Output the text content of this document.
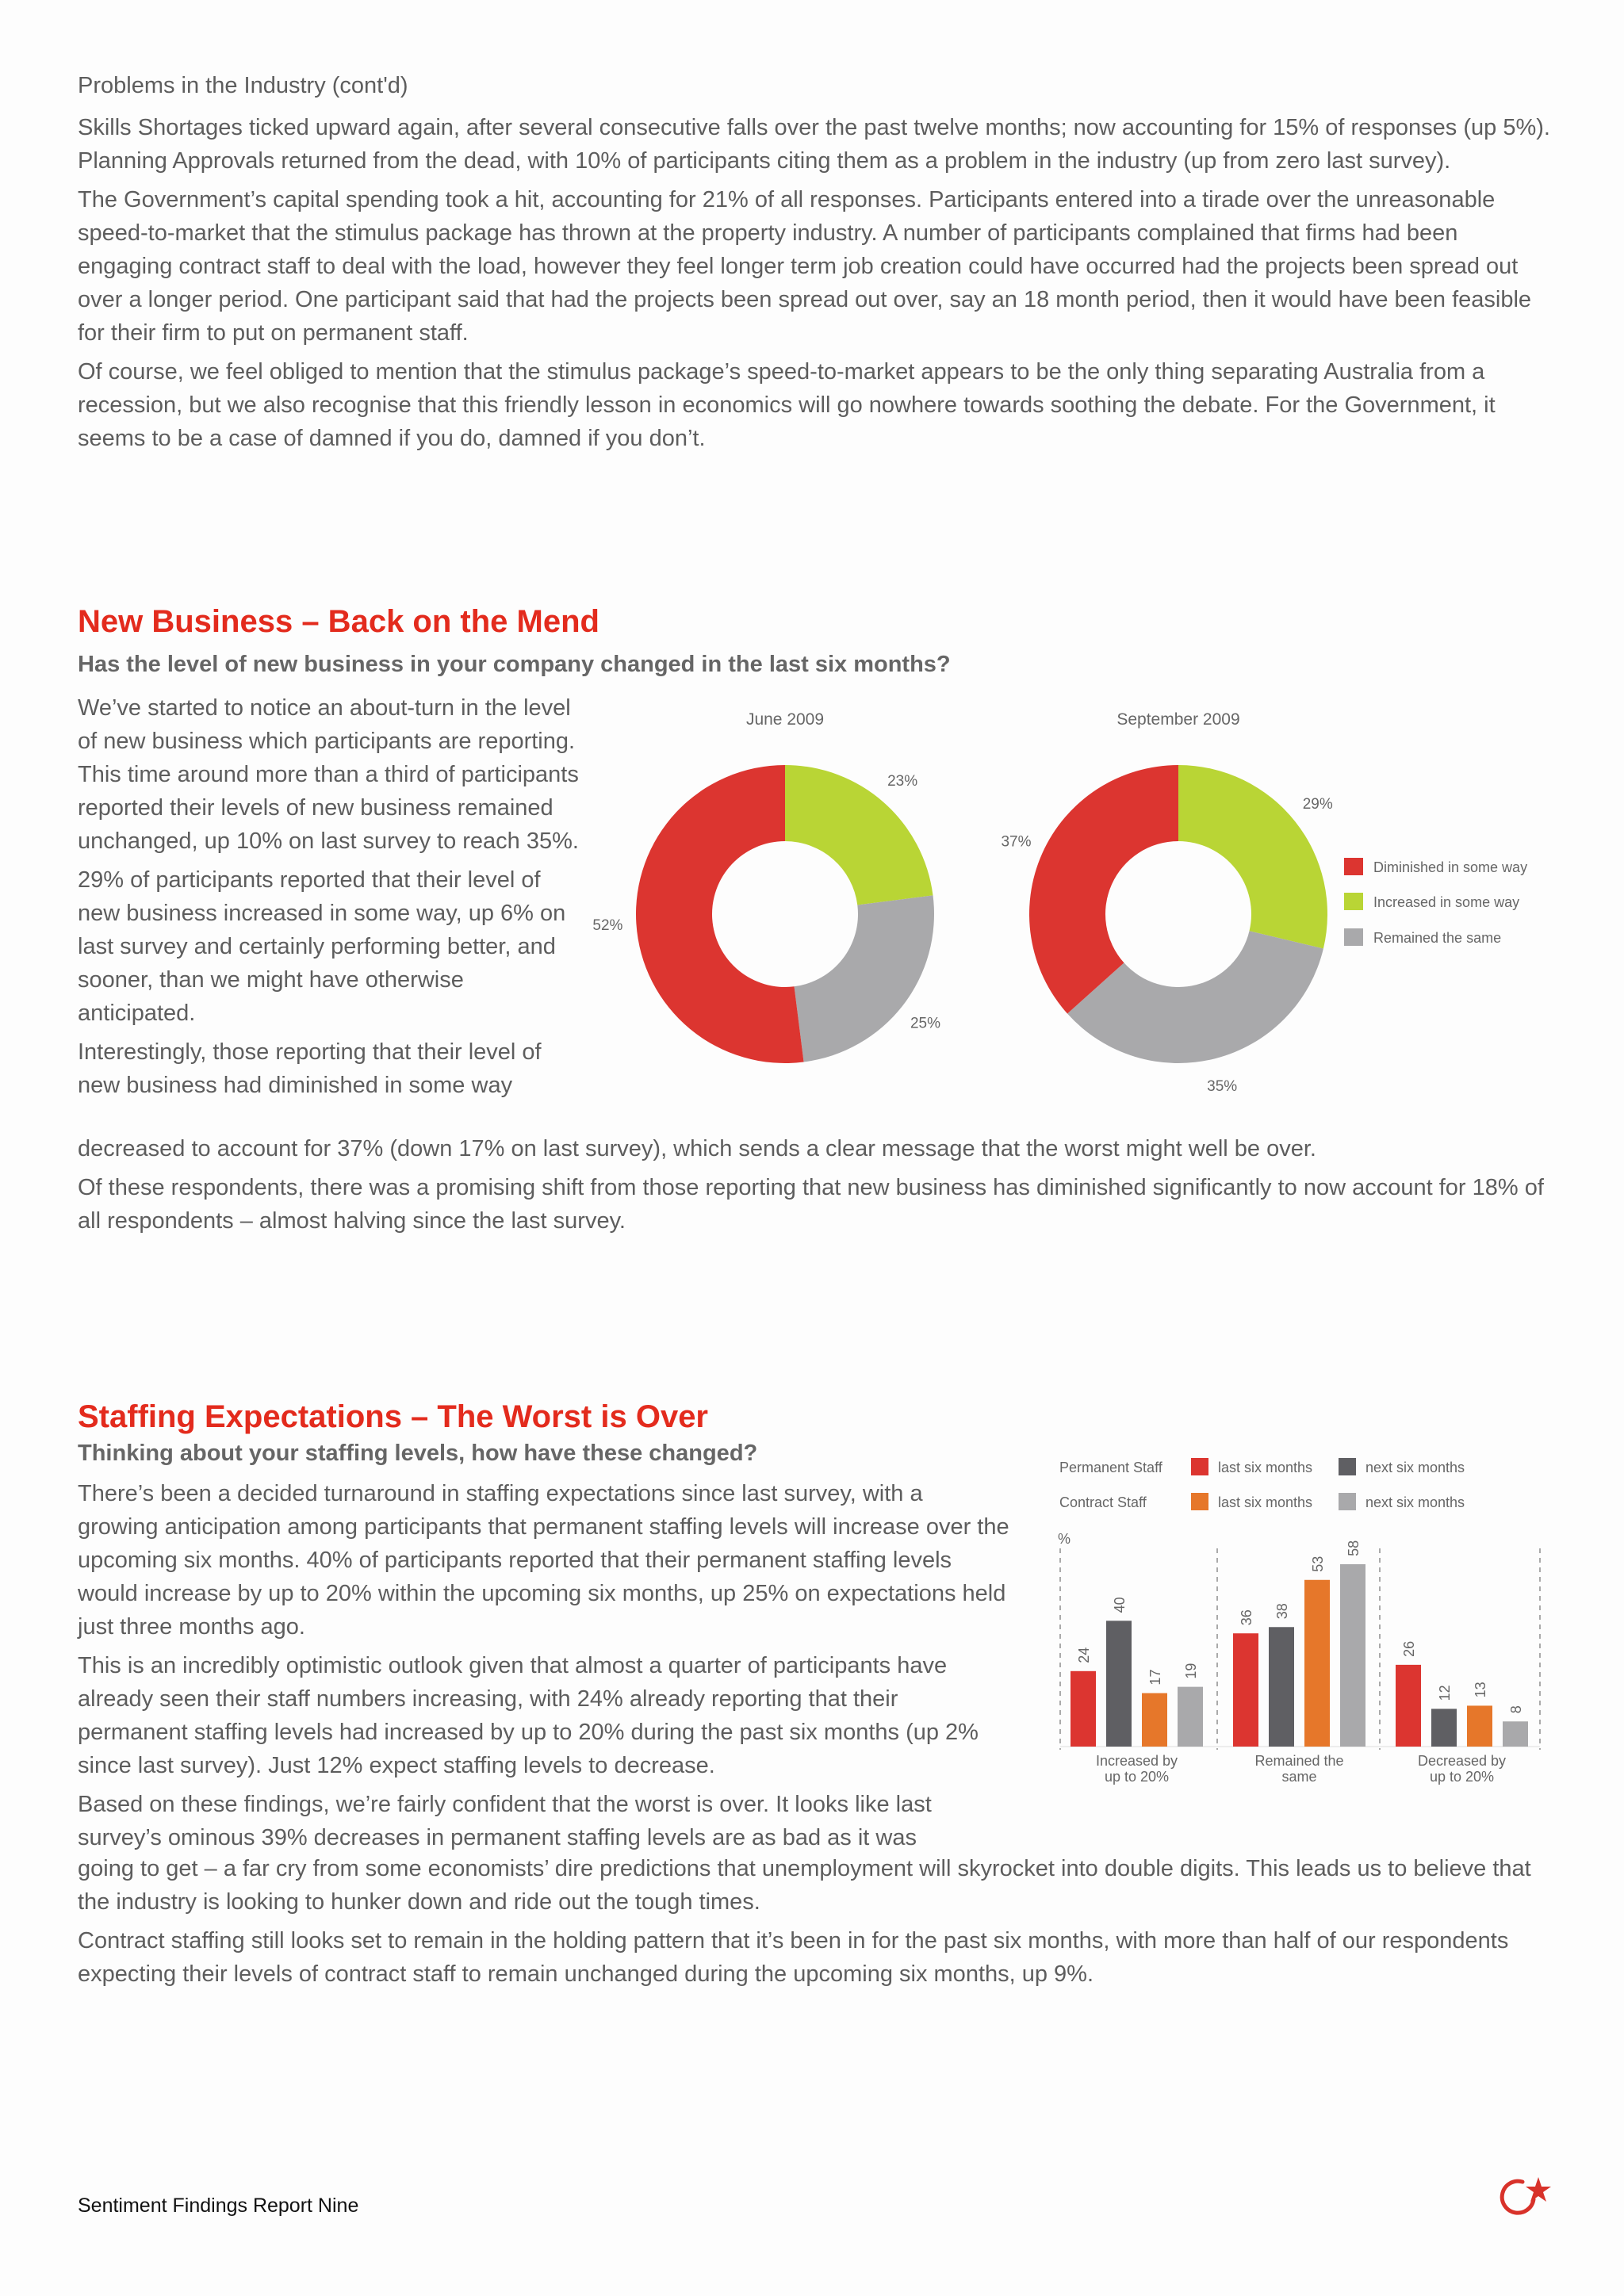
Problems in the Industry (cont'd)

Skills Shortages ticked upward again, after several consecutive falls over the past twelve months; now accounting for 15% of responses (up 5%). Planning Approvals returned from the dead, with 10% of participants citing them as a problem in the industry (up from zero last survey).

The Government’s capital spending took a hit, accounting for 21% of all responses. Participants entered into a tirade over the unreasonable speed-to-market that the stimulus package has thrown at the property industry. A number of participants complained that firms had been engaging contract staff to deal with the load, however they feel longer term job creation could have occurred had the projects been spread out over a longer period. One participant said that had the projects been spread out over, say an 18 month period, then it would have been feasible for their firm to put on permanent staff.

Of course, we feel obliged to mention that the stimulus package’s speed-to-market appears to be the only thing separating Australia from a recession, but we also recognise that this friendly lesson in economics will go nowhere towards soothing the debate. For the Government, it seems to be a case of damned if you do, damned if you don’t.

New Business – Back on the Mend
Has the level of new business in your company changed in the last six months?

We’ve started to notice an about-turn in the level of new business which participants are reporting. This time around more than a third of participants reported their levels of new business remained unchanged, up 10% on last survey to reach 35%.

29% of participants reported that their level of new business increased in some way, up 6% on last survey and certainly performing better, and sooner, than we might have otherwise anticipated.

Interestingly, those reporting that their level of new business had diminished in some way

decreased to account for 37% (down 17% on last survey), which sends a clear message that the worst might well be over.

Of these respondents, there was a promising shift from those reporting that new business has diminished significantly to now account for 18% of all respondents – almost halving since the last survey.

June 2009	September 2009
23%
25%
52%
29%
35%
37%
Diminished in some way
Increased in some way
Remained the same
Staffing Expectations – The Worst is Over
Thinking about your staffing levels, how have these changed?

There’s been a decided turnaround in staffing expectations since last survey, with a growing anticipation among participants that permanent staffing levels will increase over the upcoming six months. 40% of participants reported that their permanent staffing levels would increase by up to 20% within the upcoming six months, up 25% on expectations held just three months ago.

This is an incredibly optimistic outlook given that almost a quarter of participants have already seen their staff numbers increasing, with 24% already reporting that their permanent staffing levels had increased by up to 20% during the past six months (up 2% since last survey). Just 12% expect staffing levels to decrease.

Based on these findings, we’re fairly confident that the worst is over. It looks like last survey’s ominous 39% decreases in permanent staffing levels are as bad as it was

going to get – a far cry from some economists’ dire predictions that unemployment will skyrocket into double digits. This leads us to believe that the industry is looking to hunker down and ride out the tough times.

Contract staffing still looks set to remain in the holding pattern that it’s been in for the past six months, with more than half of our respondents expecting their levels of contract staff to remain unchanged during the upcoming six months, up 9%.

Permanent Staff	last six months	next six months
Contract Staff	last six months	next six months
%
24
40
17 19
Increased by
up to 20%
36 38
53
58
Remained the
same
26
12 13
8
Decreased by
up to 20%
Sentiment Findings Report Nine
